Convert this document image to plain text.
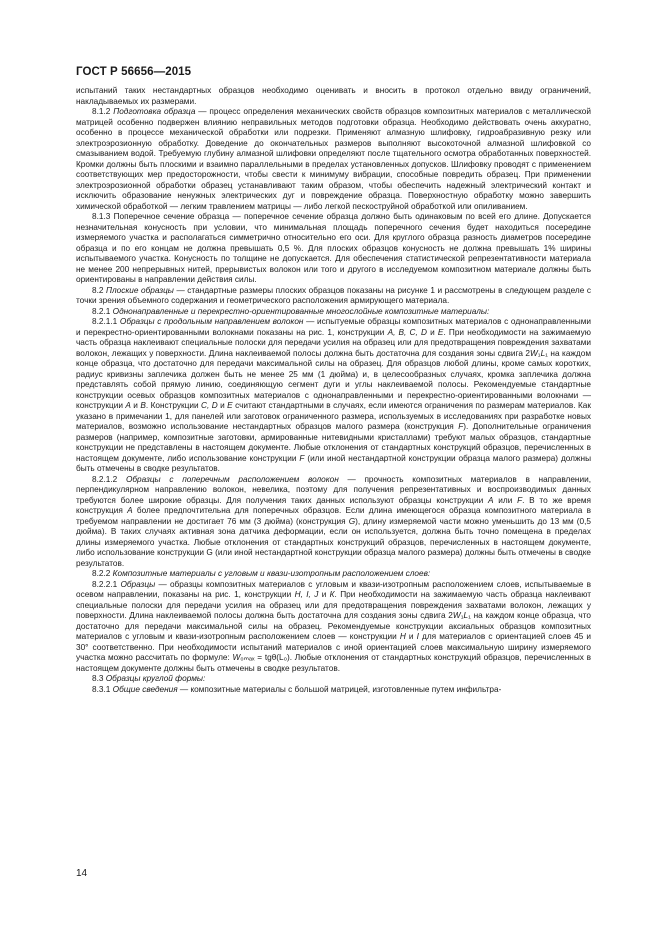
ГОСТ Р 56656—2015

испытаний таких нестандартных образцов необходимо оценивать и вносить в протокол отдельно ввиду ограничений, накладываемых их размерами.

8.1.2 Подготовка образца — процесс определения механических свойств образцов композитных материалов с металлической матрицей особенно подвержен влиянию неправильных методов подготовки образца. Необходимо действовать очень аккуратно, особенно в процессе механической обработки или подрезки. Применяют алмазную шлифовку, гидроабразивную резку или электроэрозионную обработку. Доведение до окончательных размеров выполняют высокоточной алмазной шлифовкой со смазыванием водой. Требуемую глубину алмазной шлифовки определяют после тщательного осмотра обработанных поверхностей. Кромки должны быть плоскими и взаимно параллельными в пределах установленных допусков. Шлифовку проводят с применением соответствующих мер предосторожности, чтобы свести к минимуму вибрации, способные повредить образец. При применении электроэрозионной обработки образец устанавливают таким образом, чтобы обеспечить надежный электрический контакт и исключить образование ненужных электрических дуг и повреждение образца. Поверхностную обработку можно завершить химической обработкой — легким травлением матрицы — либо легкой пескоструйной обработкой или опиливанием.

8.1.3 Поперечное сечение образца — поперечное сечение образца должно быть одинаковым по всей его длине. Допускается незначительная конусность при условии, что минимальная площадь поперечного сечения будет находиться посередине измеряемого участка и располагаться симметрично относительно его оси. Для круглого образца разность диаметров посередине образца и по его концам не должна превышать 0,5 %. Для плоских образцов конусность не должна превышать 1% ширины испытываемого участка. Конусность по толщине не допускается. Для обеспечения статистической репрезентативности материала не менее 200 непрерывных нитей, прерывистых волокон или того и другого в исследуемом композитном материале должны быть ориентированы в направлении действия силы.

8.2 Плоские образцы — стандартные размеры плоских образцов показаны на рисунке 1 и рассмотрены в следующем разделе с точки зрения объемного содержания и геометрического расположения армирующего материала.

8.2.1 Однонаправленные и перекрестно-ориентированные многослойные композитные материалы:

8.2.1.1 Образцы с продольным направлением волокон — испытуемые образцы композитных материалов с однонаправленными и перекрестно-ориентированными волокнами показаны на рис. 1, конструкции А, В, С, D и Е. При необходимости на зажимаемую часть образца наклеивают специальные полоски для передачи усилия на образец или для предотвращения повреждения захватами волокон, лежащих у поверхности. Длина наклеиваемой полосы должна быть достаточна для создания зоны сдвига 2W₁L₁ на каждом конце образца, что достаточно для передачи максимальной силы на образец. Для образцов любой длины, кроме самых коротких, радиус кривизны заплечика должен быть не менее 25 мм (1 дюйма) и, в целесообразных случаях, кромка заплечика должна представлять собой прямую линию, соединяющую сегмент дуги и углы наклеиваемой полосы. Рекомендуемые стандартные конструкции осевых образцов композитных материалов с однонаправленными и перекрестно-ориентированными волокнами — конструкции А и В. Конструкции С, D и Е считают стандартными в случаях, если имеются ограничения по размерам материалов. Как указано в примечании 1, для панелей или заготовок ограниченного размера, используемых в исследованиях при разработке новых материалов, возможно использование нестандартных образцов малого размера (конструкция F). Дополнительные ограничения размеров (например, композитные заготовки, армированные нитевидными кристаллами) требуют малых образцов, стандартные конструкции не представлены в настоящем документе. Любые отклонения от стандартных конструкций образцов, перечисленных в настоящем документе, либо использование конструкции F (или иной нестандартной конструкции образца малого размера) должны быть отмечены в сводке результатов.

8.2.1.2 Образцы с поперечным расположением волокон — прочность композитных материалов в направлении, перпендикулярном направлению волокон, невелика, поэтому для получения репрезентативных и воспроизводимых данных требуются более широкие образцы. Для получения таких данных используют образцы конструкции А или F. В то же время конструкция А более предпочтительна для поперечных образцов. Если длина имеющегося образца композитного материала в требуемом направлении не достигает 76 мм (3 дюйма) (конструкция G), длину измеряемой части можно уменьшить до 13 мм (0,5 дюйма). В таких случаях активная зона датчика деформации, если он используется, должна быть точно помещена в пределах длины измеряемого участка. Любые отклонения от стандартных конструкций образцов, перечисленных в настоящем документе, либо использование конструкции G (или иной нестандартной конструкции образца малого размера) должны быть отмечены в сводке результатов.

8.2.2 Композитные материалы с угловым и квази-изотропным расположением слоев:

8.2.2.1 Образцы — образцы композитных материалов с угловым и квази-изотропным расположением слоев, испытываемые в осевом направлении, показаны на рис. 1, конструкции Н, I, J и К. При необходимости на зажимаемую часть образца наклеивают специальные полоски для передачи усилия на образец или для предотвращения повреждения захватами волокон, лежащих у поверхности. Длина наклеиваемой полосы должна быть достаточна для создания зоны сдвига 2W₁L₁ на каждом конце образца, что достаточно для передачи максимальной силы на образец. Рекомендуемые конструкции аксиальных образцов композитных материалов с угловым и квази-изотропным расположением слоев — конструкции Н и I для материалов с ориентацией слоев 45 и 30° соответственно. При необходимости испытаний материалов с иной ориентацией слоев максимальную ширину измеряемого участка можно рассчитать по формуле: W₀ₘₐₓ = tgθ(L₀). Любые отклонения от стандартных конструкций образцов, перечисленных в настоящем документе должны быть отмечены в сводке результатов.

8.3 Образцы круглой формы:

8.3.1 Общие сведения — композитные материалы с большой матрицей, изготовленные путем инфильтра-

14
